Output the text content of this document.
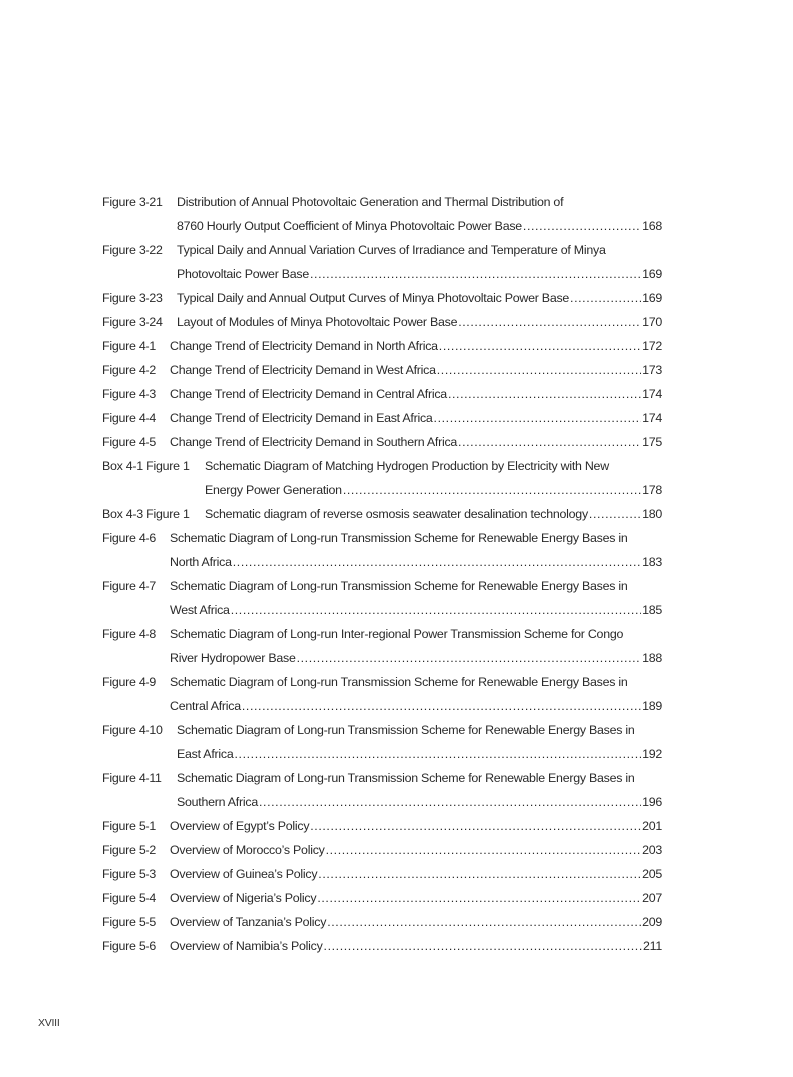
Figure 3-21 Distribution of Annual Photovoltaic Generation and Thermal Distribution of
8760 Hourly Output Coefficient of Minya Photovoltaic Power Base .....	168
Figure 3-22 Typical Daily and Annual Variation Curves of Irradiance and Temperature of Minya
Photovoltaic Power Base .....	169
Figure 3-23 Typical Daily and Annual Output Curves of Minya Photovoltaic Power Base .....	169
Figure 3-24 Layout of Modules of Minya Photovoltaic Power Base .....	170
Figure 4-1 Change Trend of Electricity Demand in North Africa .....	172
Figure 4-2 Change Trend of Electricity Demand in West Africa .....	173
Figure 4-3 Change Trend of Electricity Demand in Central Africa .....	174
Figure 4-4 Change Trend of Electricity Demand in East Africa .....	174
Figure 4-5 Change Trend of Electricity Demand in Southern Africa .....	175
Box 4-1 Figure 1 Schematic Diagram of Matching Hydrogen Production by Electricity with New
Energy Power Generation .....	178
Box 4-3 Figure 1 Schematic diagram of reverse osmosis seawater desalination technology .....	180
Figure 4-6 Schematic Diagram of Long-run Transmission Scheme for Renewable Energy Bases in
North Africa .....	183
Figure 4-7 Schematic Diagram of Long-run Transmission Scheme for Renewable Energy Bases in
West Africa .....	185
Figure 4-8 Schematic Diagram of Long-run Inter-regional Power Transmission Scheme for Congo
River Hydropower Base .....	188
Figure 4-9 Schematic Diagram of Long-run Transmission Scheme for Renewable Energy Bases in
Central Africa .....	189
Figure 4-10 Schematic Diagram of Long-run Transmission Scheme for Renewable Energy Bases in
East Africa .....	192
Figure 4-11 Schematic Diagram of Long-run Transmission Scheme for Renewable Energy Bases in
Southern Africa .....	196
Figure 5-1 Overview of Egypt’s Policy .....	201
Figure 5-2 Overview of Morocco’s Policy .....	203
Figure 5-3 Overview of Guinea’s Policy .....	205
Figure 5-4 Overview of Nigeria’s Policy .....	207
Figure 5-5 Overview of Tanzania’s Policy .....	209
Figure 5-6 Overview of Namibia’s Policy .....	211
XVIII
